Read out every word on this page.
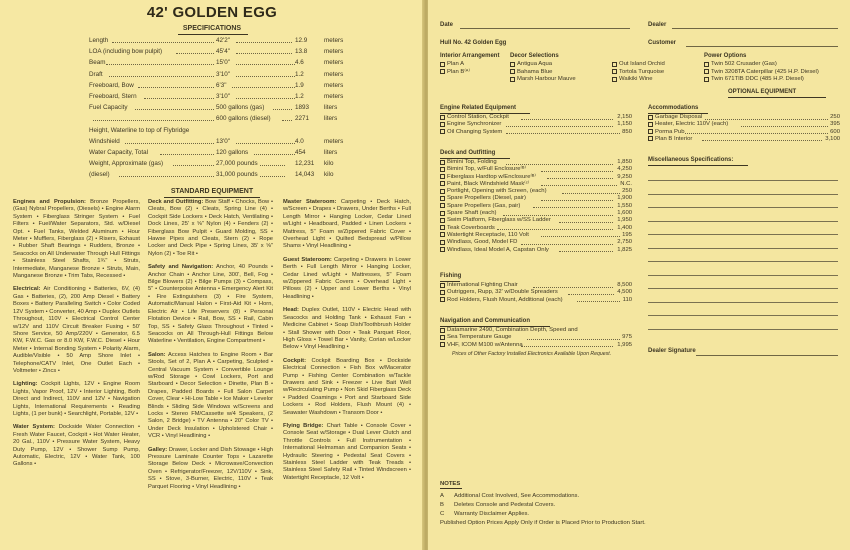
42' GOLDEN EGG
SPECIFICATIONS
Length	42'2"	12.9	meters
LOA (including bow pulpit)	45'4"	13.8	meters
Beam	15'0"	4.6	meters
Draft	3'10"	1.2	meters
Freeboard, Bow	6'3"	1.9	meters
Freeboard, Stern	3'10"	1.2	meters
Fuel Capacity	500 gallons (gas)	1893 liters
600 gallons (diesel)	2271 liters
Height, Waterline to top of Flybridge
Windshield	13'0"	4.0	meters
Water Capacity, Total	120 gallons	454	liters
Weight, Approximate (gas)	27,000 pounds	12,231 kilo
(diesel)	31,000 pounds	14,043 kilo
STANDARD EQUIPMENT
Engines and Propulsion: Bronze Propellers, (Gas) Nybral Propellers, (Diesels) • Engine Alarm System • Fiberglass Stringer System • Fuel Filters • Fuel/Water Separators, Std. w/Diesel Opt. • Fuel Tanks, Welded Aluminum • Hour Meter • Mufflers, Fiberglass (2) • Risers, Exhaust • Rubber Shaft Bearings • Rudders, Bronze • Seacocks on All Underwater Through Hull Fittings • Stainless Steel Shafts, 1¾" • Struts, Intermediate, Manganese Bronze • Struts, Main, Manganese Bronze • Trim Tabs, Recessed •
Electrical: Air Conditioning • Batteries, 6V, (4) Gas • Batteries, (2), 200 Amp Diesel • Battery Boxes • Battery Paralleling Switch • Color Coded 12V System • Converter, 40 Amp • Duplex Outlets Throughout, 110V • Electrical Control Center w/12V and 110V Circuit Breaker Fusing • 50' Shore Service, 50 Amp/220V • Generator, 6.5 KW, F.W.C. Gas or 8.0 KW, F.W.C. Diesel • Hour Meter • Internal Bonding System • Polarity Alarm, Audible/Visible • 50 Amp Shore Inlet • Telephone/CATV Inlet, One Outlet Each • Voltmeter • Zincs •
Lighting: Cockpit Lights, 12V • Engine Room Lights, Vapor Proof, 12V • Interior Lighting, Both Direct and Indirect, 110V and 12V • Navigation Lights, International Requirements • Reading Lights, (1 per bunk) • Searchlight, Portable, 12V •
Water System: Dockside Water Connection • Fresh Water Faucet, Cockpit • Hot Water Heater, 20 Gal., 110V • Pressure Water System, Heavy Duty Pump, 12V • Shower Sump Pump, Automatic, Electric, 12V • Water Tank, 100 Gallons •
Deck and Outfitting: Bow Staff • Chocks, Bow • Cleats, Bow (2) • Cleats, Spring Line (4) • Cockpit Side Lockers • Deck Hatch, Ventilating • Dock Lines, 25' x ⅝" Nylon (4) • Fenders (2) • Fiberglass Bow Pulpit • Guard Molding, SS • Hawse Pipes and Cleats, Stern (2) • Rope Locker and Deck Pipe • Spring Lines, 35' x ⅝" Nylon (2) • Toe Rit •
Safety and Navigation: Anchor, 40 Pounds • Anchor Chain • Anchor Line, 300', Bell, Fog • Bilge Blowers (2) • Bilge Pumps (3) • Compass, 5" • Counterpoise Antenna • Emergency Alert Kit • Fire Extinguishers (3) • Fire System, Automatic/Manual Halon • First-Aid Kit • Horn, Electric Air • Life Preservers (8) • Personal Flotation Device • Rail, Bow, SS • Rail, Cabin Top, SS • Safety Glass Throughout • Tinted • Seacocks on All Through-Hull Fittings Below Waterline • Ventilation, Engine Compartment •
Salon: Access Hatches to Engine Room • Bar Stools, Set of 2, Plan A • Carpeting, Sculpted • Central Vacuum System • Convertible Lounge w/Rod Storage • Cowl Lockers, Port and Starboard • Decor Selection • Dinette, Plan B • Drapes, Padded Boards • Full Salon Carpet Cover, Clear • Hi-Low Table • Ice Maker • Levelor Blinds • Sliding Side Windows w/Screens and Locks • Stereo FM/Cassette w/4 Speakers, (2 Salon, 2 Bridge) • TV Antenna • 20" Color TV • Under Deck Insulation • Upholstered Chair • VCR • Vinyl Headlining •
Galley: Drawer, Locker and Dish Stowage • High Pressure Laminate Counter Tops • Lazarette Storage Below Deck • Microwave/Convection Oven • Refrigerator/Freezer, 12V/110V • Sink, SS • Stove, 3-Burner, Electric, 110V • Teak Parquet Flooring • Vinyl Headlining •
Master Stateroom: Carpeting • Deck Hatch, w/Screen • Drapes • Drawers, Under Berths • Full Length Mirror • Hanging Locker, Cedar Lined w/Light • Headboard, Padded • Linen Lockers • Mattress, 5" Foam w/Zippered Fabric Cover • Overhead Light • Quilted Bedspread w/Pillow Shams • Vinyl Headlining •
Guest Stateroom: Carpeting • Drawers in Lower Berth • Full Length Mirror • Hanging Locker, Cedar Lined w/Light • Mattresses, 5" Foam w/Zippered Fabric Covers • Overhead Light • Pillows (2) • Upper and Lower Berths • Vinyl Headlining •
Head: Duplex Outlet, 110V • Electric Head with Seacocks and Holding Tank • Exhaust Fan • Medicine Cabinet • Soap Dish/Toothbrush Holder • Stall Shower with Door • Teak Parquet Floor, High Gloss • Towel Bar • Vanity, Corian w/Locker Below • Vinyl Headlining •
Cockpit: Cockpit Boarding Box • Dockside Electrical Connection • Fish Box w/Macerator Pump • Fishing Center Combination w/Tackle Drawers and Sink • Freezer • Live Bait Well w/Recirculating Pump • Non Skid Fiberglass Deck • Padded Coamings • Port and Starboard Side Lockers • Rod Holders, Flush Mount (4) • Seawater Washdown • Transom Door •
Flying Bridge: Chart Table • Console Cover • Console Seat w/Storage • Dual Lever Clutch and Throttle Controls • Full Instrumentation • International Helmsman and Companion Seats • Hydraulic Steering • Pedestal Seat Covers • Stainless Steel Ladder with Teak Treads • Stainless Steel Safety Rail • Tinted Windscreen • Watertight Receptacle, 12 Volt •
Date	Dealer
Hull No. 42 Golden Egg	Customer
Interior Arrangement
Plan A
Plan B⁽ᴬ⁾
Decor Selections
Antigua Aqua
Bahama Blue
Marsh Harbour Mauve
Out Island Orchid
Tortola Turquoise
Waikiki Wine
Power Options
Twin 502 Crusader (Gas)
Twin 3208TA Caterpillar (425 H.P. Diesel)
Twin 671TIB DDC (485 H.P. Diesel)
OPTIONAL EQUIPMENT
Engine Related Equipment
Control Station, Cockpit	2,150
Engine Synchronizer	1,150
Oil Changing System	850
Accommodations
Garbage Disposal	250
Heater, Electric 110V (each)	395
Porma Pub	600
Plan B Interior	3,100
Deck and Outfitting
Bimini Top, Folding	1,850
Bimini Top, w/Full Enclosure⁽ᴮ⁾	4,250
Fiberglass Hardtop w/Enclosure⁽ᴮ⁾	9,250
Paint, Black Windshield Mask⁽ᶜ⁾	N.C.
Portlight, Opening with Screen, (each)	250
Spare Propellers (Diesel, pair)	1,900
Spare Propellers (Gas, pair)	1,550
Spare Shaft (each)	1,600
Swim Platform, Fiberglass w/SS Ladder	1,950
Teak Coverboards	1,400
Watertight Receptacle, 110 Volt	195
Windlass, Good, Model FD	2,750
Windlass, Ideal Model A, Capstan Only	1,825
Miscellaneous Specifications:
Fishing
International Fighting Chair	8,500
Outriggers, Rupp, 32' w/Double Spreaders	4,500
Rod Holders, Flush Mount, Additional (each)	110
Navigation and Communication
Datamarine 2490, Combination Depth, Speed and
Sea Temperature Gauge	975
VHF, ICOM M100 w/Antenna	1,995
Prices of Other Factory Installed Electronics Available Upon Request.	Dealer Signature
NOTES
A	Additional Cost Involved, See Accommodations.
B	Deletes Console and Pedestal Covers.
C	Warranty Disclaimer Applies.
Published Option Prices Apply Only if Order is Placed Prior to Production Start.
